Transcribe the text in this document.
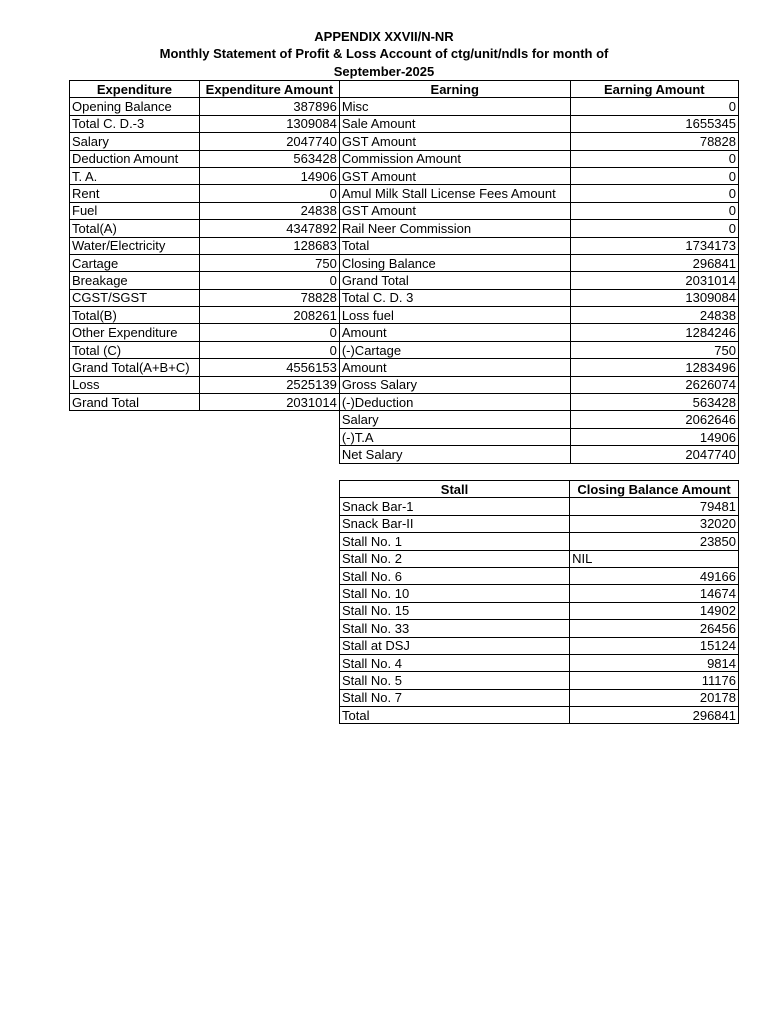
APPENDIX XXVII/N-NR
Monthly Statement of Profit & Loss Account of ctg/unit/ndls for month of
September-2025
Expenditure	Expenditure Amount	Earning	Earning Amount
Opening Balance	387896	Misc	0
Total C. D.-3	1309084	Sale Amount	1655345
Salary	2047740	GST Amount	78828
Deduction Amount	563428	Commission Amount	0
T. A.	14906	GST Amount	0
Rent	0	Amul Milk Stall License Fees Amount	0
Fuel	24838	GST Amount	0
Total(A)	4347892	Rail Neer Commission	0
Water/Electricity	128683	Total	1734173
Cartage	750	Closing Balance	296841
Breakage	0	Grand Total	2031014
CGST/SGST	78828	Total C. D. 3	1309084
Total(B)	208261	Loss fuel	24838
Other Expenditure	0	Amount	1284246
Total (C)	0	(-)Cartage	750
Grand Total(A+B+C)	4556153	Amount	1283496
Loss	2525139	Gross Salary	2626074
Grand Total	2031014	(-)Deduction	563428
		Salary	2062646
		(-)T.A	14906
		Net Salary	2047740
Stall	Closing Balance Amount
Snack Bar-1	79481
Snack Bar-II	32020
Stall No. 1	23850
Stall No. 2	NIL
Stall No. 6	49166
Stall No. 10	14674
Stall No. 15	14902
Stall No. 33	26456
Stall at DSJ	15124
Stall No. 4	9814
Stall No. 5	11176
Stall No. 7	20178
Total	296841
